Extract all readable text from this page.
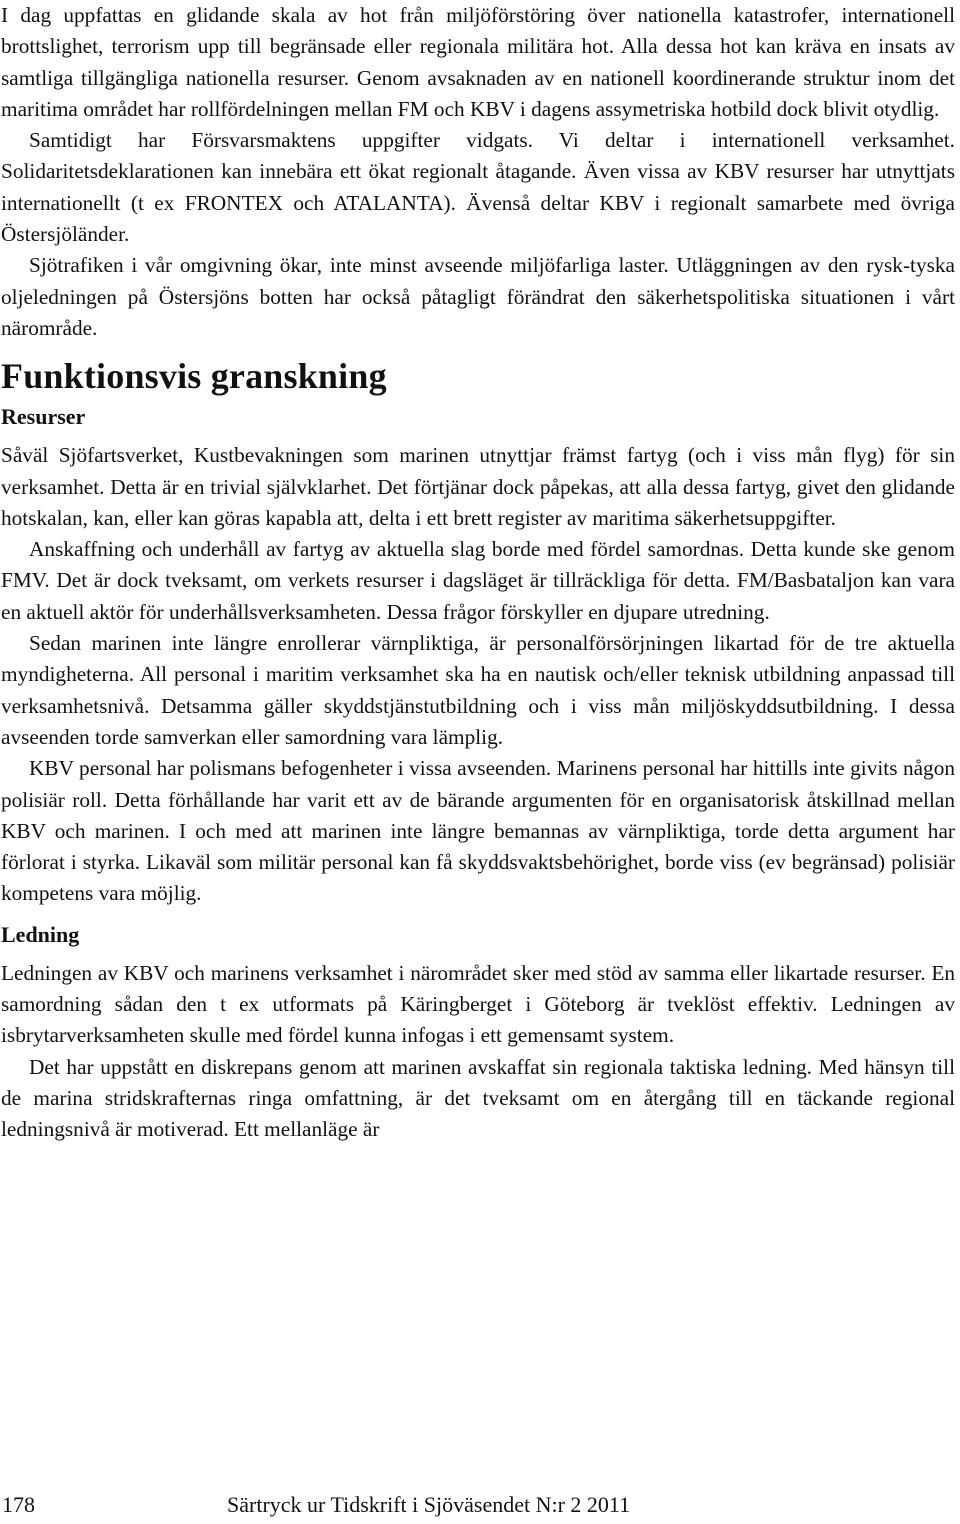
I dag uppfattas en glidande skala av hot från miljöförstöring över nationella katastrofer, internationell brottslighet, terrorism upp till begränsade eller regionala militära hot. Alla dessa hot kan kräva en insats av samtliga tillgängliga nationella resurser. Genom avsaknaden av en nationell koordinerande struktur inom det maritima området har rollfördelningen mellan FM och KBV i dagens assymetriska hotbild dock blivit otydlig.

Samtidigt har Försvarsmaktens uppgifter vidgats. Vi deltar i internationell verksamhet. Solidaritetsdeklarationen kan innebära ett ökat regionalt åtagande. Även vissa av KBV resurser har utnyttjats internationellt (t ex FRONTEX och ATALANTA). Ävenså deltar KBV i regionalt samarbete med övriga Östersjöländer.

Sjötrafiken i vår omgivning ökar, inte minst avseende miljöfarliga laster. Utläggningen av den rysk-tyska oljeledningen på Östersjöns botten har också påtagligt förändrat den säkerhetspolitiska situationen i vårt närområde.

Funktionsvis granskning
Resurser

Såväl Sjöfartsverket, Kustbevakningen som marinen utnyttjar främst fartyg (och i viss mån flyg) för sin verksamhet. Detta är en trivial självklarhet. Det förtjänar dock påpekas, att alla dessa fartyg, givet den glidande hotskalan, kan, eller kan göras kapabla att, delta i ett brett register av maritima säkerhetsuppgifter.

Anskaffning och underhåll av fartyg av aktuella slag borde med fördel samordnas. Detta kunde ske genom FMV. Det är dock tveksamt, om verkets resurser i dagsläget är tillräckliga för detta. FM/Basbataljon kan vara en aktuell aktör för underhållsverksamheten. Dessa frågor förskyller en djupare utredning.

Sedan marinen inte längre enrollerar värnpliktiga, är personalförsörjningen likartad för de tre aktuella myndigheterna. All personal i maritim verksamhet ska ha en nautisk och/eller teknisk utbildning anpassad till verksamhetsnivå. Detsamma gäller skyddstjänstutbildning och i viss mån miljöskyddsutbildning. I dessa avseenden torde samverkan eller samordning vara lämplig.

KBV personal har polismans befogenheter i vissa avseenden. Marinens personal har hittills inte givits någon polisiär roll. Detta förhållande har varit ett av de bärande argumenten för en organisatorisk åtskillnad mellan KBV och marinen. I och med att marinen inte längre bemannas av värnpliktiga, torde detta argument har förlorat i styrka. Likaväl som militär personal kan få skyddsvaktsbehörighet, borde viss (ev begränsad) polisiär kompetens vara möjlig.

Ledning

Ledningen av KBV och marinens verksamhet i närområdet sker med stöd av samma eller likartade resurser. En samordning sådan den t ex utformats på Käringberget i Göteborg är tveklöst effektiv. Ledningen av isbrytarverksamheten skulle med fördel kunna infogas i ett gemensamt system.

Det har uppstått en diskrepans genom att marinen avskaffat sin regionala taktiska ledning. Med hänsyn till de marina stridskrafternas ringa omfattning, är det tveksamt om en återgång till en täckande regional ledningsnivå är motiverad. Ett mellanläge är

178	Särtryck ur Tidskrift i Sjöväsendet N:r 2 2011
